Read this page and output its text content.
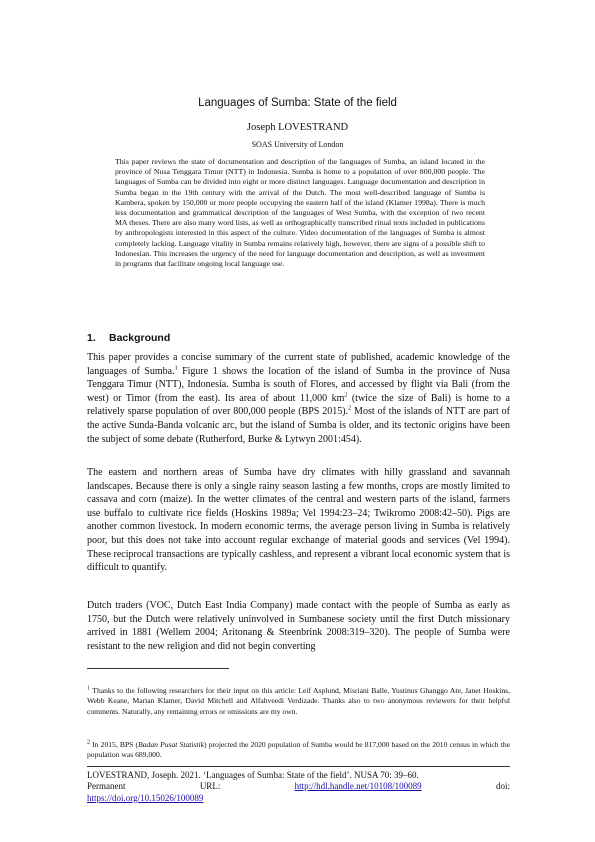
Languages of Sumba: State of the field
Joseph LOVESTRAND
SOAS University of London

This paper reviews the state of documentation and description of the languages of Sumba, an island located in the province of Nusa Tenggara Timur (NTT) in Indonesia. Sumba is home to a population of over 800,000 people. The languages of Sumba can be divided into eight or more distinct languages. Language documentation and description in Sumba began in the 19th century with the arrival of the Dutch. The most well-described language of Sumba is Kambera, spoken by 150,000 or more people occupying the eastern half of the island (Klamer 1998a). There is much less documentation and grammatical description of the languages of West Sumba, with the exception of two recent MA theses. There are also many word lists, as well as orthographically transcribed ritual texts included in publications by anthropologists interested in this aspect of the culture. Video documentation of the languages of Sumba is almost completely lacking. Language vitality in Sumba remains relatively high, however, there are signs of a possible shift to Indonesian. This increases the urgency of the need for language documentation and description, as well as investment in programs that facilitate ongoing local language use.

1. Background

This paper provides a concise summary of the current state of published, academic knowledge of the languages of Sumba.$^1$ Figure 1 shows the location of the island of Sumba in the province of Nusa Tenggara Timur (NTT), Indonesia. Sumba is south of Flores, and accessed by flight via Bali (from the west) or Timor (from the east). Its area of about 11,000 $km^2$ (twice the size of Bali) is home to a relatively sparse population of over 800,000 people (BPS 2015).$^2$ Most of the islands of NTT are part of the active Sunda-Banda volcanic arc, but the island of Sumba is older, and its tectonic origins have been the subject of some debate (Rutherford, Burke & Lytwyn 2001:454).

The eastern and northern areas of Sumba have dry climates with hilly grassland and savannah landscapes. Because there is only a single rainy season lasting a few months, crops are mostly limited to cassava and corn (maize). In the wetter climates of the central and western parts of the island, farmers use buffalo to cultivate rice fields (Hoskins 1989a; Vel 1994:23–24; Twikromo 2008:42–50). Pigs are another common livestock. In modern economic terms, the average person living in Sumba is relatively poor, but this does not take into account regular exchange of material goods and services (Vel 1994). These reciprocal transactions are typically cashless, and represent a vibrant local economic system that is difficult to quantify.

Dutch traders (VOC, Dutch East India Company) made contact with the people of Sumba as early as 1750, but the Dutch were relatively uninvolved in Sumbanese society until the first Dutch missionary arrived in 1881 (Wellem 2004; Aritonang & Steenbrink 2008:319–320). The people of Sumba were resistant to the new religion and did not begin converting

$^1$ Thanks to the following researchers for their input on this article: Leif Asplund, Misriani Balle, Yustinus Ghanggo Ate, Janet Hoskins, Webb Keane, Marian Klamer, David Mitchell and Alfahveedi Verdizade. Thanks also to two anonymous reviewers for their helpful comments. Naturally, any remaining errors or omissions are my own.

$^2$ In 2015, BPS (Badan Pusat Statistik) projected the 2020 population of Sumba would be 817,000 based on the 2010 census in which the population was 689,000.

LOVESTRAND, Joseph. 2021. ‘Languages of Sumba: State of the field’. NUSA 70: 39–60.
Permanent	URL:	http://hdl.handle.net/10108/100089	doi:
https://doi.org/10.15026/100089
